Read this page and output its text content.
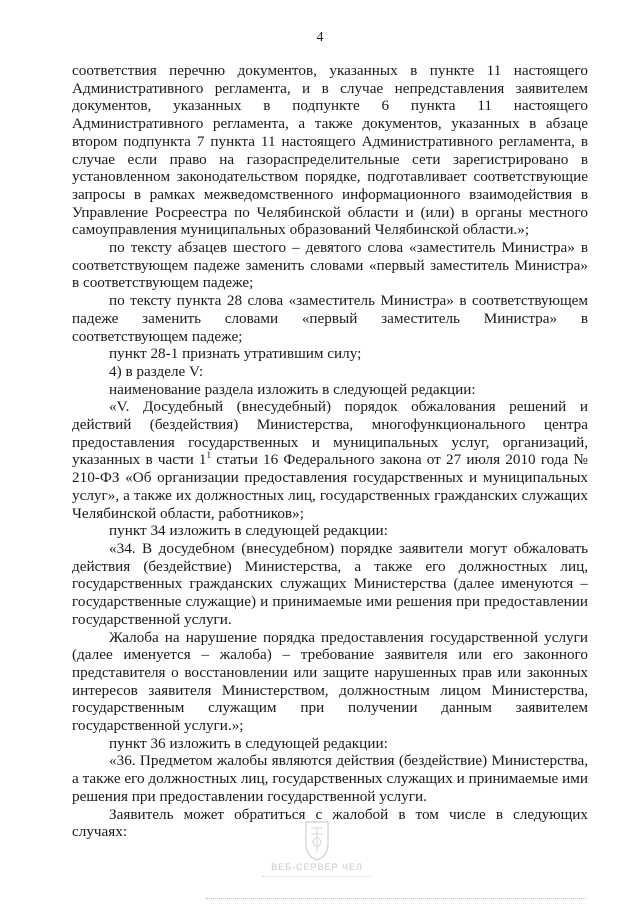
4

соответствия перечню документов, указанных в пункте 11 настоящего Административного регламента, и в случае непредставления заявителем документов, указанных в подпункте 6 пункта 11 настоящего Административного регламента, а также документов, указанных в абзаце втором подпункта 7 пункта 11 настоящего Административного регламента, в случае если право на газораспределительные сети зарегистрировано в установленном законодательством порядке, подготавливает соответствующие запросы в рамках межведомственного информационного взаимодействия в Управление Росреестра по Челябинской области и (или) в органы местного самоуправления муниципальных образований Челябинской области.»;

по тексту абзацев шестого – девятого слова «заместитель Министра» в соответствующем падеже заменить словами «первый заместитель Министра» в соответствующем падеже;

по тексту пункта 28 слова «заместитель Министра» в соответствующем падеже заменить словами «первый заместитель Министра» в соответствующем падеже;

пункт 28-1 признать утратившим силу;

4) в разделе V:

наименование раздела изложить в следующей редакции:

«V. Досудебный (внесудебный) порядок обжалования решений и действий (бездействия) Министерства, многофункционального центра предоставления государственных и муниципальных услуг, организаций, указанных в части $1^1$ статьи 16 Федерального закона от 27 июля 2010 года № 210-ФЗ «Об организации предоставления государственных и муниципальных услуг», а также их должностных лиц, государственных гражданских служащих Челябинской области, работников»;

пункт 34 изложить в следующей редакции:

«34. В досудебном (внесудебном) порядке заявители могут обжаловать действия (бездействие) Министерства, а также его должностных лиц, государственных гражданских служащих Министерства (далее именуются – государственные служащие) и принимаемые ими решения при предоставлении государственной услуги.

Жалоба на нарушение порядка предоставления государственной услуги (далее именуется – жалоба) – требование заявителя или его законного представителя о восстановлении или защите нарушенных прав или законных интересов заявителя Министерством, должностным лицом Министерства, государственным служащим при получении данным заявителем государственной услуги.»;

пункт 36 изложить в следующей редакции:

«36. Предметом жалобы являются действия (бездействие) Министерства, а также его должностных лиц, государственных служащих и принимаемые ими решения при предоставлении государственной услуги.

Заявитель может обратиться с жалобой в том числе в следующих случаях:

ВЕБ-СЕРВЕР ЧЕЛ
